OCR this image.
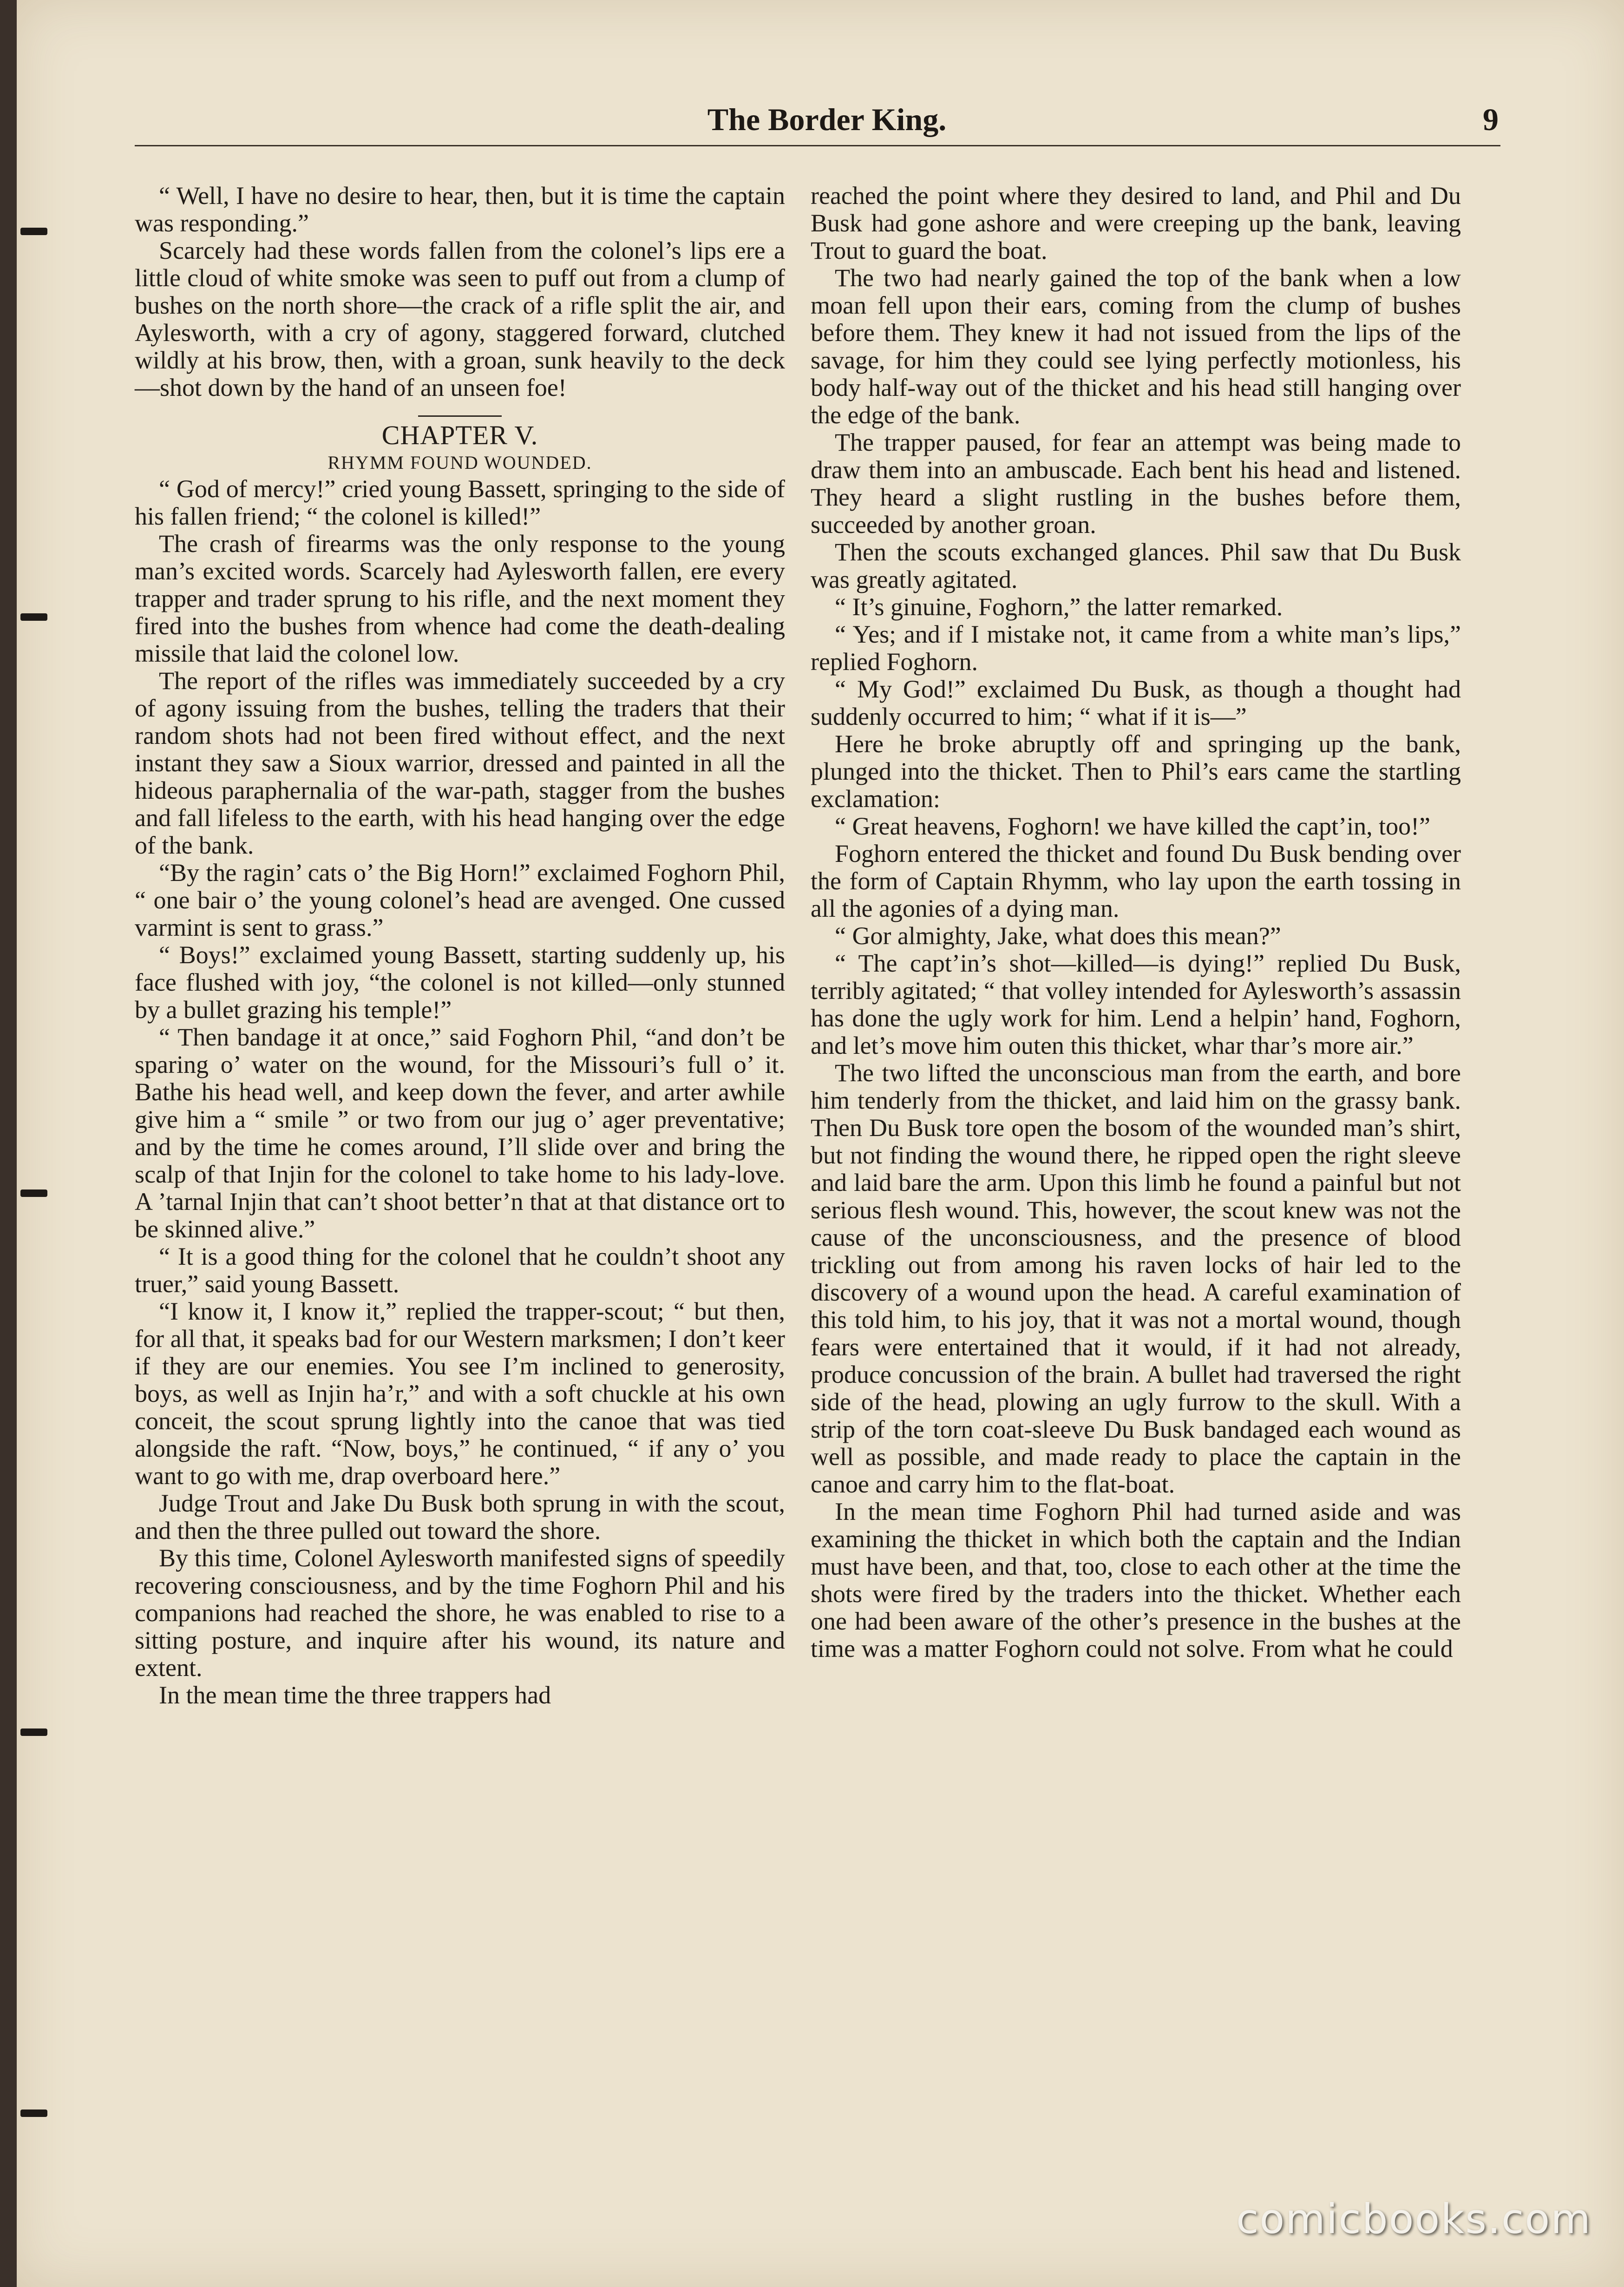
The Border King.	9

“ Well, I have no desire to hear, then, but it is time the captain was responding.”

Scarcely had these words fallen from the colonel’s lips ere a little cloud of white smoke was seen to puff out from a clump of bushes on the north shore—the crack of a rifle split the air, and Aylesworth, with a cry of agony, staggered forward, clutched wildly at his brow, then, with a groan, sunk heavily to the deck—shot down by the hand of an unseen foe!

CHAPTER V.

RHYMM FOUND WOUNDED.

“ God of mercy!” cried young Bassett, springing to the side of his fallen friend; “ the colonel is killed!”

The crash of firearms was the only response to the young man’s excited words. Scarcely had Aylesworth fallen, ere every trapper and trader sprung to his rifle, and the next moment they fired into the bushes from whence had come the death-dealing missile that laid the colonel low.

The report of the rifles was immediately succeeded by a cry of agony issuing from the bushes, telling the traders that their random shots had not been fired without effect, and the next instant they saw a Sioux warrior, dressed and painted in all the hideous paraphernalia of the war-path, stagger from the bushes and fall lifeless to the earth, with his head hanging over the edge of the bank.

“By the ragin’ cats o’ the Big Horn!” exclaimed Foghorn Phil, “ one bair o’ the young colonel’s head are avenged. One cussed varmint is sent to grass.”

“ Boys!” exclaimed young Bassett, starting suddenly up, his face flushed with joy, “the colonel is not killed—only stunned by a bullet grazing his temple!”

“ Then bandage it at once,” said Foghorn Phil, “and don’t be sparing o’ water on the wound, for the Missouri’s full o’ it. Bathe his head well, and keep down the fever, and arter awhile give him a “ smile ” or two from our jug o’ ager preventative; and by the time he comes around, I’ll slide over and bring the scalp of that Injin for the colonel to take home to his lady-love. A ’tarnal Injin that can’t shoot better’n that at that distance ort to be skinned alive.”

“ It is a good thing for the colonel that he couldn’t shoot any truer,” said young Bassett.

“I know it, I know it,” replied the trapper-scout; “ but then, for all that, it speaks bad for our Western marksmen; I don’t keer if they are our enemies. You see I’m inclined to generosity, boys, as well as Injin ha’r,” and with a soft chuckle at his own conceit, the scout sprung lightly into the canoe that was tied alongside the raft. “Now, boys,” he continued, “ if any o’ you want to go with me, drap overboard here.”

Judge Trout and Jake Du Busk both sprung in with the scout, and then the three pulled out toward the shore.

By this time, Colonel Aylesworth manifested signs of speedily recovering consciousness, and by the time Foghorn Phil and his companions had reached the shore, he was enabled to rise to a sitting posture, and inquire after his wound, its nature and extent.

In the mean time the three trappers had

reached the point where they desired to land, and Phil and Du Busk had gone ashore and were creeping up the bank, leaving Trout to guard the boat.

The two had nearly gained the top of the bank when a low moan fell upon their ears, coming from the clump of bushes before them. They knew it had not issued from the lips of the savage, for him they could see lying perfectly motionless, his body half-way out of the thicket and his head still hanging over the edge of the bank.

The trapper paused, for fear an attempt was being made to draw them into an ambuscade. Each bent his head and listened. They heard a slight rustling in the bushes before them, succeeded by another groan.

Then the scouts exchanged glances. Phil saw that Du Busk was greatly agitated.

“ It’s ginuine, Foghorn,” the latter remarked.

“ Yes; and if I mistake not, it came from a white man’s lips,” replied Foghorn.

“ My God!” exclaimed Du Busk, as though a thought had suddenly occurred to him; “ what if it is—”

Here he broke abruptly off and springing up the bank, plunged into the thicket. Then to Phil’s ears came the startling exclamation:

“ Great heavens, Foghorn! we have killed the capt’in, too!”

Foghorn entered the thicket and found Du Busk bending over the form of Captain Rhymm, who lay upon the earth tossing in all the agonies of a dying man.

“ Gor almighty, Jake, what does this mean?”

“ The capt’in’s shot—killed—is dying!” replied Du Busk, terribly agitated; “ that volley intended for Aylesworth’s assassin has done the ugly work for him. Lend a helpin’ hand, Foghorn, and let’s move him outen this thicket, whar thar’s more air.”

The two lifted the unconscious man from the earth, and bore him tenderly from the thicket, and laid him on the grassy bank. Then Du Busk tore open the bosom of the wounded man’s shirt, but not finding the wound there, he ripped open the right sleeve and laid bare the arm. Upon this limb he found a painful but not serious flesh wound. This, however, the scout knew was not the cause of the unconsciousness, and the presence of blood trickling out from among his raven locks of hair led to the discovery of a wound upon the head. A careful examination of this told him, to his joy, that it was not a mortal wound, though fears were entertained that it would, if it had not already, produce concussion of the brain. A bullet had traversed the right side of the head, plowing an ugly furrow to the skull. With a strip of the torn coat-sleeve Du Busk bandaged each wound as well as possible, and made ready to place the captain in the canoe and carry him to the flat-boat.

In the mean time Foghorn Phil had turned aside and was examining the thicket in which both the captain and the Indian must have been, and that, too, close to each other at the time the shots were fired by the traders into the thicket. Whether each one had been aware of the other’s presence in the bushes at the time was a matter Foghorn could not solve. From what he could

comicbooks.com
